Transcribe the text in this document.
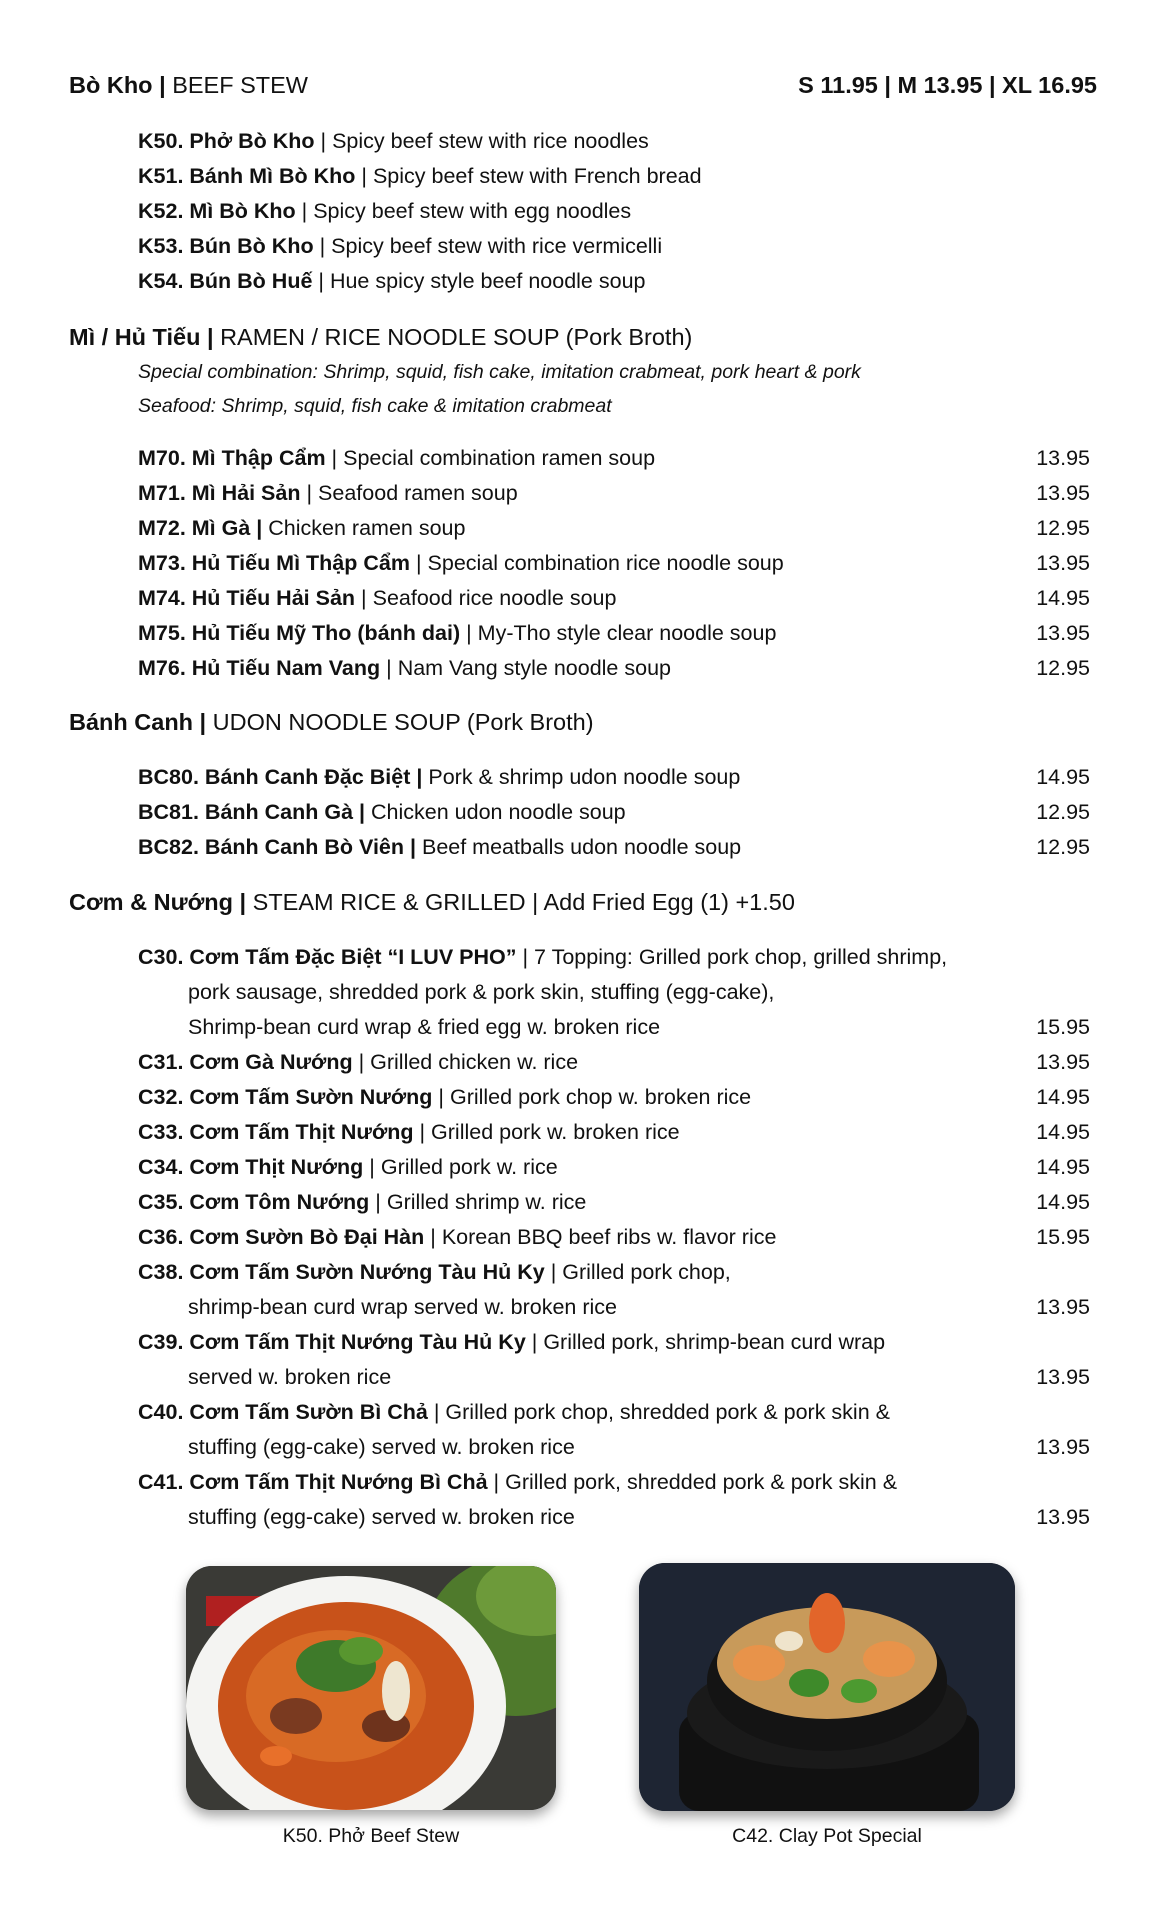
Bò Kho | BEEF STEW	S 11.95 | M 13.95 | XL 16.95
K50. Phở Bò Kho | Spicy beef stew with rice noodles
K51. Bánh Mì Bò Kho | Spicy beef stew with French bread
K52. Mì Bò Kho | Spicy beef stew with egg noodles
K53. Bún Bò Kho | Spicy beef stew with rice vermicelli
K54. Bún Bò Huế | Hue spicy style beef noodle soup
Mì / Hủ Tiếu | RAMEN / RICE NOODLE SOUP (Pork Broth)
Special combination: Shrimp, squid, fish cake, imitation crabmeat, pork heart & pork
Seafood: Shrimp, squid, fish cake & imitation crabmeat
M70. Mì Thập Cẩm | Special combination ramen soup	13.95
M71. Mì Hải Sản | Seafood ramen soup	13.95
M72. Mì Gà | Chicken ramen soup	12.95
M73. Hủ Tiếu Mì Thập Cẩm | Special combination rice noodle soup	13.95
M74. Hủ Tiếu Hải Sản | Seafood rice noodle soup	14.95
M75. Hủ Tiếu Mỹ Tho (bánh dai) | My-Tho style clear noodle soup	13.95
M76. Hủ Tiếu Nam Vang | Nam Vang style noodle soup	12.95
Bánh Canh | UDON NOODLE SOUP (Pork Broth)
BC80. Bánh Canh Đặc Biệt | Pork & shrimp udon noodle soup	14.95
BC81. Bánh Canh Gà | Chicken udon noodle soup	12.95
BC82. Bánh Canh Bò Viên | Beef meatballs udon noodle soup	12.95
Cơm & Nướng | STEAM RICE & GRILLED | Add Fried Egg (1) +1.50
C30. Cơm Tấm Đặc Biệt “I LUV PHO” | 7 Topping: Grilled pork chop, grilled shrimp,
pork sausage, shredded pork & pork skin, stuffing (egg-cake),
Shrimp-bean curd wrap & fried egg w. broken rice	15.95
C31. Cơm Gà Nướng | Grilled chicken w. rice	13.95
C32. Cơm Tấm Sườn Nướng | Grilled pork chop w. broken rice	14.95
C33. Cơm Tấm Thịt Nướng | Grilled pork w. broken rice	14.95
C34. Cơm Thịt Nướng | Grilled pork w. rice	14.95
C35. Cơm Tôm Nướng | Grilled shrimp w. rice	14.95
C36. Cơm Sườn Bò Đại Hàn | Korean BBQ beef ribs w. flavor rice	15.95
C38. Cơm Tấm Sườn Nướng Tàu Hủ Ky | Grilled pork chop,
shrimp-bean curd wrap served w. broken rice	13.95
C39. Cơm Tấm Thịt Nướng Tàu Hủ Ky | Grilled pork, shrimp-bean curd wrap
served w. broken rice	13.95
C40. Cơm Tấm Sườn Bì Chả | Grilled pork chop, shredded pork & pork skin &
stuffing (egg-cake) served w. broken rice	13.95
C41. Cơm Tấm Thịt Nướng Bì Chả | Grilled pork, shredded pork & pork skin &
stuffing (egg-cake) served w. broken rice	13.95
K50. Phở Beef Stew	C42. Clay Pot Special
